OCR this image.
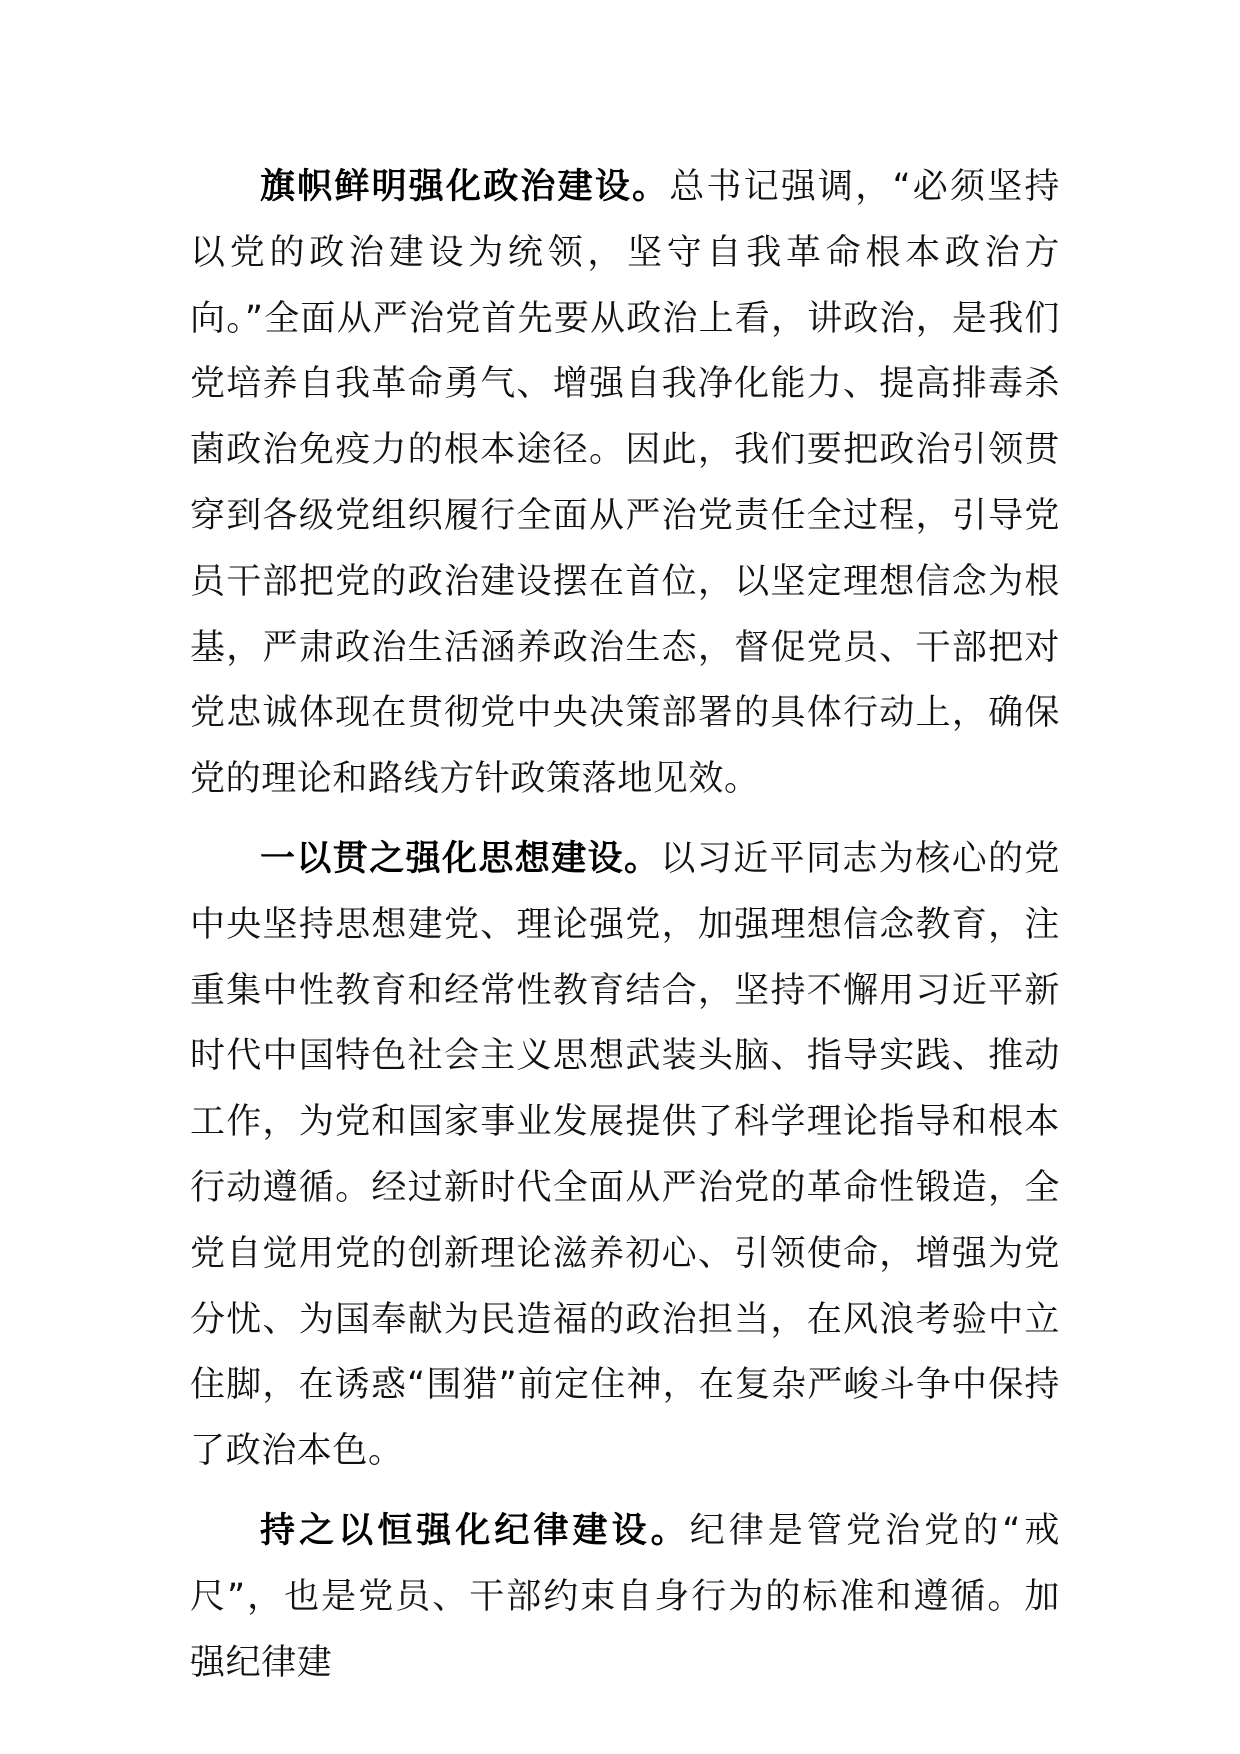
旗帜鲜明强化政治建设。总书记强调，“必须坚持以党的政治建设为统领，坚守自我革命根本政治方向。”全面从严治党首先要从政治上看，讲政治，是我们党培养自我革命勇气、增强自我净化能力、提高排毒杀菌政治免疫力的根本途径。因此，我们要把政治引领贯穿到各级党组织履行全面从严治党责任全过程，引导党员干部把党的政治建设摆在首位，以坚定理想信念为根基，严肃政治生活涵养政治生态，督促党员、干部把对党忠诚体现在贯彻党中央决策部署的具体行动上，确保党的理论和路线方针政策落地见效。

一以贯之强化思想建设。以习近平同志为核心的党中央坚持思想建党、理论强党，加强理想信念教育，注重集中性教育和经常性教育结合，坚持不懈用习近平新时代中国特色社会主义思想武装头脑、指导实践、推动工作，为党和国家事业发展提供了科学理论指导和根本行动遵循。经过新时代全面从严治党的革命性锻造，全党自觉用党的创新理论滋养初心、引领使命，增强为党分忧、为国奉献为民造福的政治担当，在风浪考验中立住脚，在诱惑“围猎”前定住神，在复杂严峻斗争中保持了政治本色。

持之以恒强化纪律建设。纪律是管党治党的“戒尺”，也是党员、干部约束自身行为的标准和遵循。加强纪律建
